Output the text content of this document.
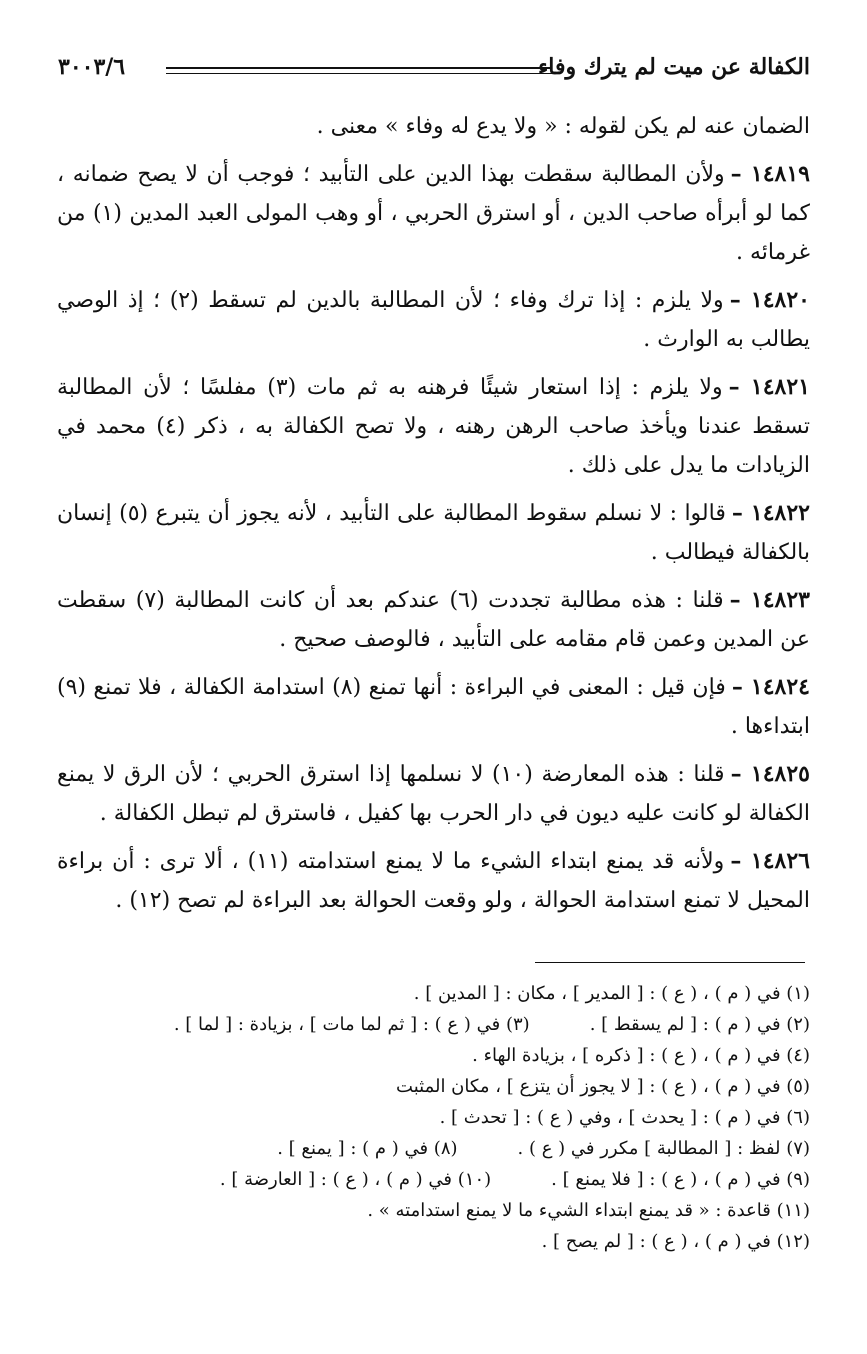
الكفالة عن ميت لم يترك وفاء
٣٠٠٣/٦

الضمان عنه لم يكن لقوله : « ولا يدع له وفاء » معنى .

١٤٨١٩ –ولأن المطالبة سقطت بهذا الدين على التأبيد ؛ فوجب أن لا يصح ضمانه ، كما لو أبرأه صاحب الدين ، أو استرق الحربي ، أو وهب المولى العبد المدين (١) من غرمائه .

١٤٨٢٠ –ولا يلزم : إذا ترك وفاء ؛ لأن المطالبة بالدين لم تسقط (٢) ؛ إذ الوصي يطالب به الوارث .

١٤٨٢١ –ولا يلزم : إذا استعار شيئًا فرهنه به ثم مات (٣) مفلسًا ؛ لأن المطالبة تسقط عندنا ويأخذ صاحب الرهن رهنه ، ولا تصح الكفالة به ، ذكر (٤) محمد في الزيادات ما يدل على ذلك .

١٤٨٢٢ –قالوا : لا نسلم سقوط المطالبة على التأبيد ، لأنه يجوز أن يتبرع (٥) إنسان بالكفالة فيطالب .

١٤٨٢٣ –قلنا : هذه مطالبة تجددت (٦) عندكم بعد أن كانت المطالبة (٧) سقطت عن المدين وعمن قام مقامه على التأبيد ، فالوصف صحيح .

١٤٨٢٤ –فإن قيل : المعنى في البراءة : أنها تمنع (٨) استدامة الكفالة ، فلا تمنع (٩) ابتداءها .

١٤٨٢٥ –قلنا : هذه المعارضة (١٠) لا نسلمها إذا استرق الحربي ؛ لأن الرق لا يمنع الكفالة لو كانت عليه ديون في دار الحرب بها كفيل ، فاسترق لم تبطل الكفالة .

١٤٨٢٦ –ولأنه قد يمنع ابتداء الشيء ما لا يمنع استدامته (١١) ، ألا ترى : أن براءة المحيل لا تمنع استدامة الحوالة ، ولو وقعت الحوالة بعد البراءة لم تصح (١٢) .

(١) في ( م ) ، ( ع ) : [ المدير ] ، مكان : [ المدين ] .

(٢) في ( م ) : [ لم يسقط ] .

(٣) في ( ع ) : [ ثم لما مات ] ، بزيادة : [ لما ] .

(٤) في ( م ) ، ( ع ) : [ ذكره ] ، بزيادة الهاء .

(٥) في ( م ) ، ( ع ) : [ لا يجوز أن يتزع ] ، مكان المثبت

(٦) في ( م ) : [ يحدث ] ، وفي ( ع ) : [ تحدث ] .

(٧) لفظ : [ المطالبة ] مكرر في ( ع ) .

(٨) في ( م ) : [ يمنع ] .

(٩) في ( م ) ، ( ع ) : [ فلا يمنع ] .

(١٠) في ( م ) ، ( ع ) : [ العارضة ] .

(١١) قاعدة : « قد يمنع ابتداء الشيء ما لا يمنع استدامته » .

(١٢) في ( م ) ، ( ع ) : [ لم يصح ] .
